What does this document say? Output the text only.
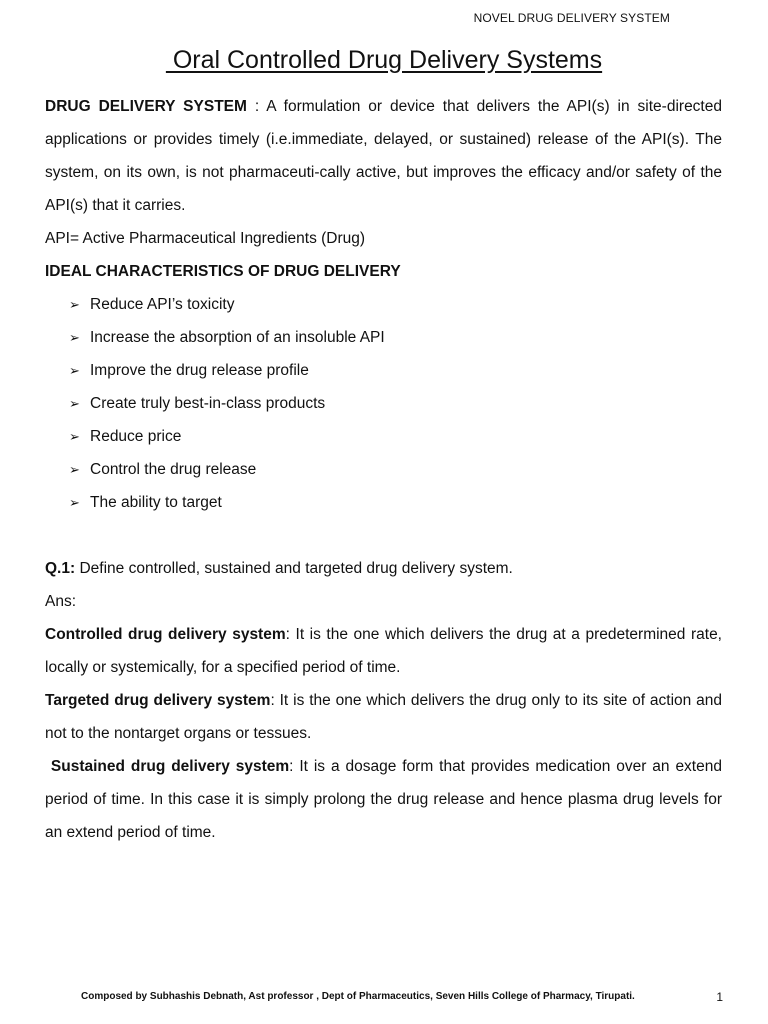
NOVEL DRUG DELIVERY SYSTEM
Oral Controlled Drug Delivery Systems

DRUG DELIVERY SYSTEM : A formulation or device that delivers the API(s) in site-directed applications or provides timely (i.e.immediate, delayed, or sustained) release of the API(s). The system, on its own, is not pharmaceuti-cally active, but improves the efficacy and/or safety of the API(s) that it carries.

API= Active Pharmaceutical Ingredients (Drug)

IDEAL CHARACTERISTICS OF DRUG DELIVERY

➢ Reduce API’s toxicity
➢ Increase the absorption of an insoluble API
➢ Improve the drug release profile
➢ Create truly best-in-class products
➢ Reduce price
➢ Control the drug release
➢ The ability to target

Q.1: Define controlled, sustained and targeted drug delivery system.

Ans:

Controlled drug delivery system: It is the one which delivers the drug at a predetermined rate, locally or systemically, for a specified period of time.

Targeted drug delivery system: It is the one which delivers the drug only to its site of action and not to the nontarget organs or tessues.

Sustained drug delivery system: It is a dosage form that provides medication over an extend period of time. In this case it is simply prolong the drug release and hence plasma drug levels for an extend period of time.

Composed by Subhashis Debnath, Ast professor , Dept of Pharmaceutics, Seven Hills College of Pharmacy, Tirupati.	1
